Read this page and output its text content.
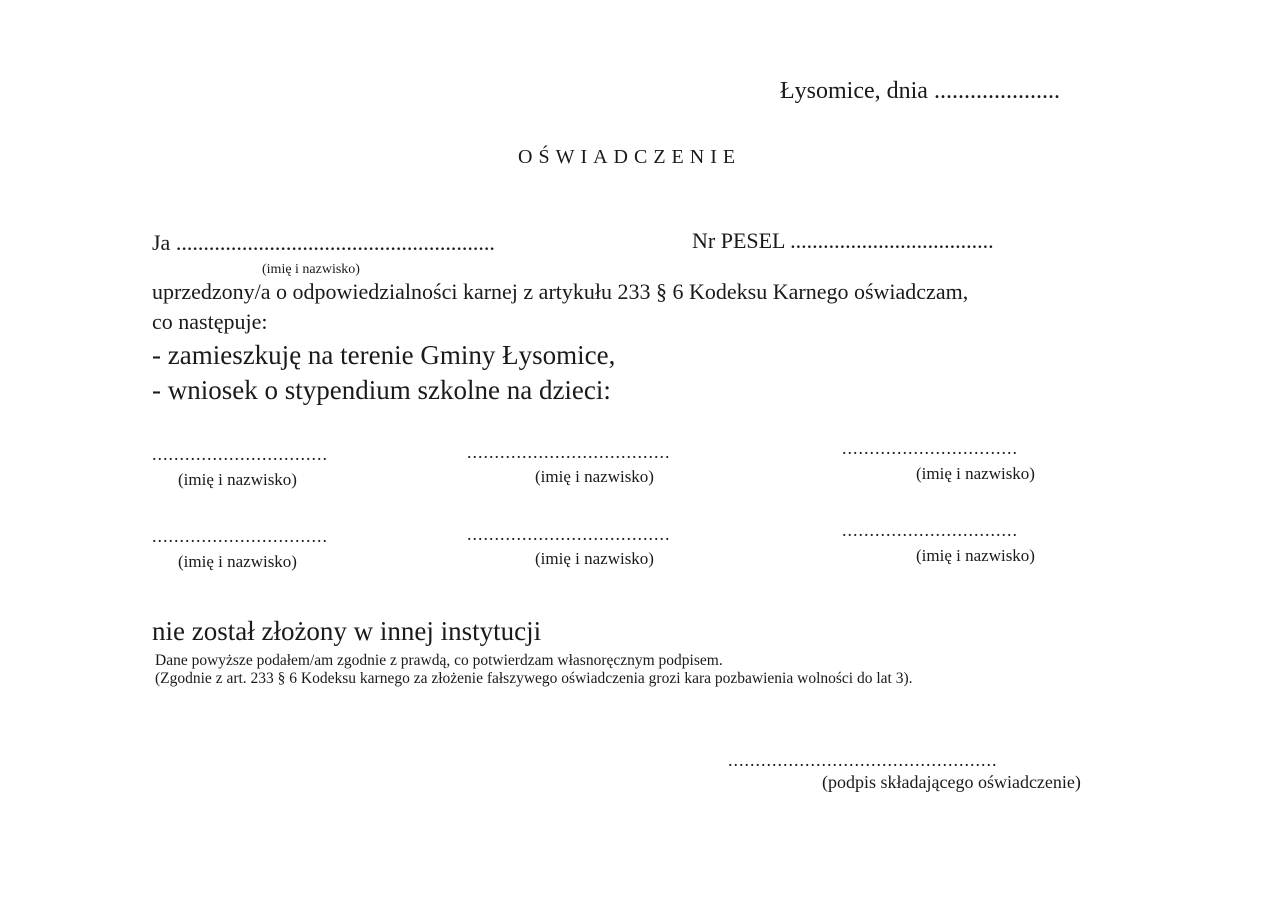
Łysomice, dnia .....................
OŚWIADCZENIE
Ja ..........................................................
(imię i nazwisko)
Nr PESEL .....................................
uprzedzony/a o odpowiedzialności karnej z artykułu 233 § 6 Kodeksu Karnego oświadczam,
co następuje:
- zamieszkuję na terenie Gminy Łysomice,
- wniosek o stypendium szkolne na dzieci:
................................
(imię i nazwisko)
.....................................
(imię i nazwisko)
................................
(imię i nazwisko)
................................
(imię i nazwisko)
.....................................
(imię i nazwisko)
................................
(imię i nazwisko)
nie został złożony w innej instytucji
Dane powyższe podałem/am zgodnie z prawdą, co potwierdzam własnoręcznym podpisem.
(Zgodnie z art. 233 § 6 Kodeksu karnego za złożenie fałszywego oświadczenia grozi kara pozbawienia wolności do lat 3).
.................................................
(podpis składającego oświadczenie)
